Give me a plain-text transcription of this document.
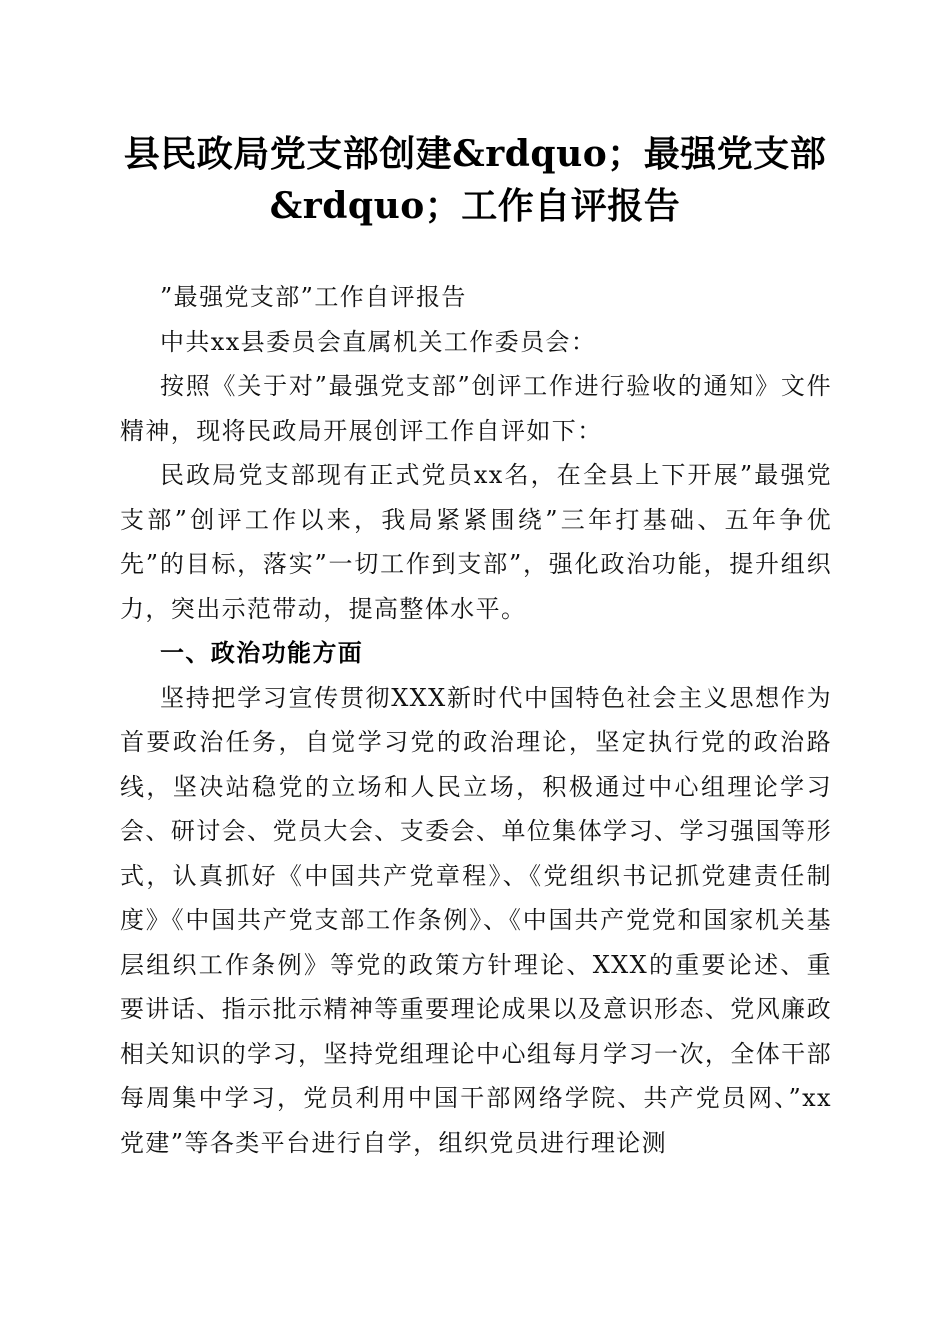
县民政局党支部创建&rdquo；最强党支部&rdquo；工作自评报告

”最强党支部”工作自评报告

中共xx县委员会直属机关工作委员会：

按照《关于对”最强党支部”创评工作进行验收的通知》文件精神，现将民政局开展创评工作自评如下：

民政局党支部现有正式党员xx名，在全县上下开展”最强党支部”创评工作以来，我局紧紧围绕”三年打基础、五年争优先”的目标，落实”一切工作到支部”，强化政治功能，提升组织力，突出示范带动，提高整体水平。

一、政治功能方面

坚持把学习宣传贯彻XXX新时代中国特色社会主义思想作为首要政治任务，自觉学习党的政治理论，坚定执行党的政治路线，坚决站稳党的立场和人民立场，积极通过中心组理论学习会、研讨会、党员大会、支委会、单位集体学习、学习强国等形式，认真抓好《中国共产党章程》、《党组织书记抓党建责任制度》《中国共产党支部工作条例》、《中国共产党党和国家机关基层组织工作条例》等党的政策方针理论、XXX的重要论述、重要讲话、指示批示精神等重要理论成果以及意识形态、党风廉政相关知识的学习，坚持党组理论中心组每月学习一次，全体干部每周集中学习，党员利用中国干部网络学院、共产党员网、”xx党建”等各类平台进行自学，组织党员进行理论测
